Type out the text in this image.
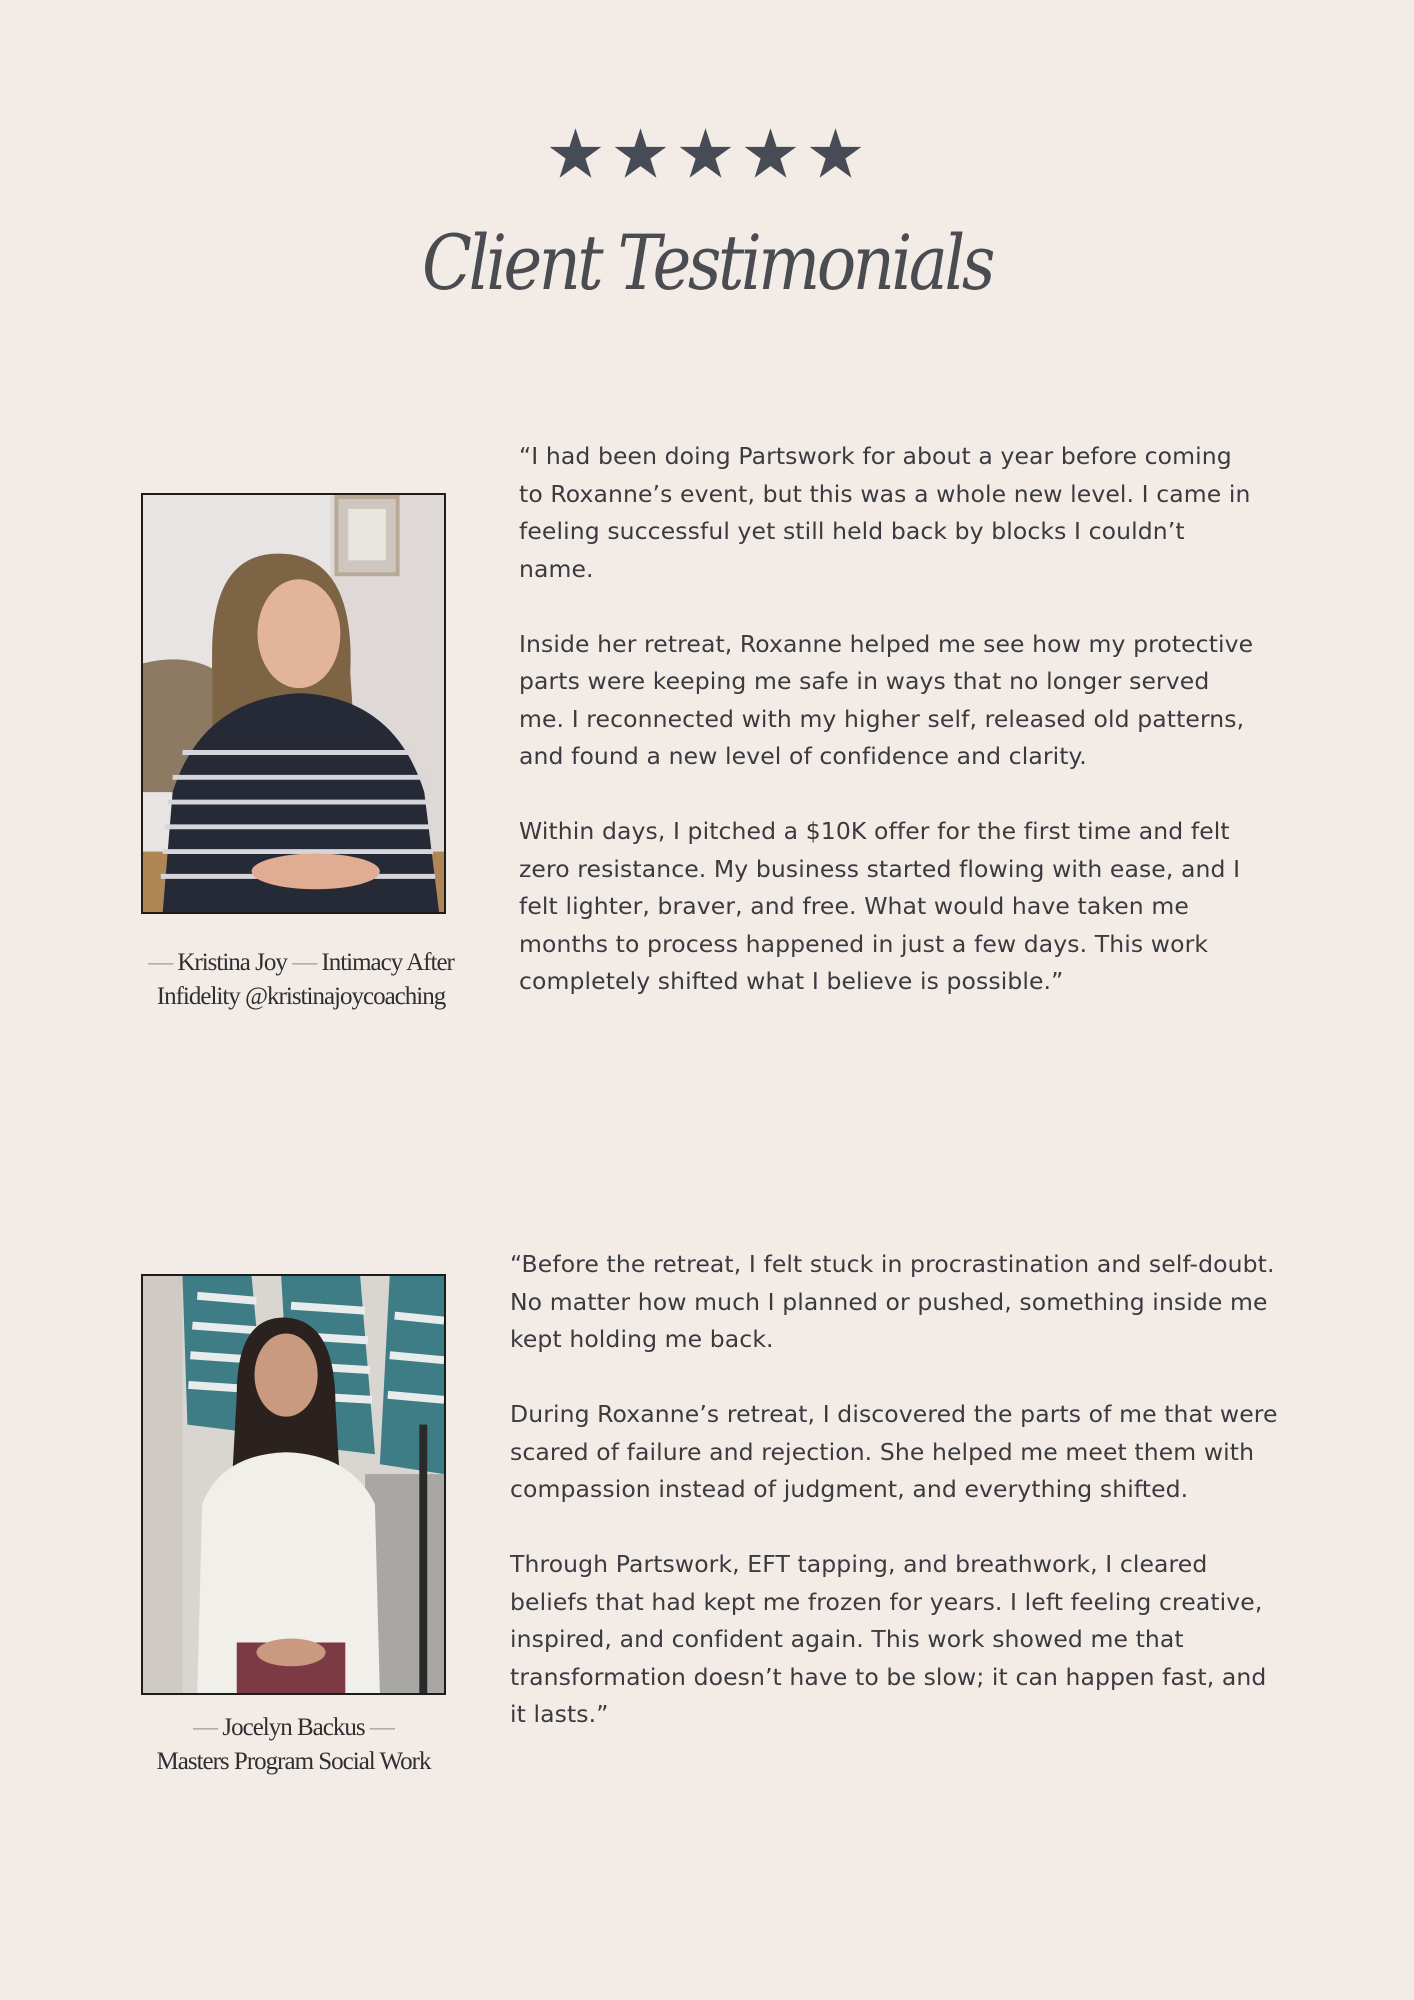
Client Testimonials
— Kristina Joy — Intimacy After
Infidelity @kristinajoycoaching

“I had been doing Partswork for about a year before coming to Roxanne’s event, but this was a whole new level. I came in feeling successful yet still held back by blocks I couldn’t name.

Inside her retreat, Roxanne helped me see how my protective parts were keeping me safe in ways that no longer served me. I reconnected with my higher self, released old patterns, and found a new level of confidence and clarity.

Within days, I pitched a $10K offer for the first time and felt zero resistance. My business started flowing with ease, and I felt lighter, braver, and free. What would have taken me months to process happened in just a few days. This work completely shifted what I believe is possible.”

— Jocelyn Backus —
Masters Program Social Work

“Before the retreat, I felt stuck in procrastination and self-doubt. No matter how much I planned or pushed, something inside me kept holding me back.

During Roxanne’s retreat, I discovered the parts of me that were scared of failure and rejection. She helped me meet them with compassion instead of judgment, and everything shifted.

Through Partswork, EFT tapping, and breathwork, I cleared beliefs that had kept me frozen for years. I left feeling creative, inspired, and confident again. This work showed me that transformation doesn’t have to be slow; it can happen fast, and it lasts.”
